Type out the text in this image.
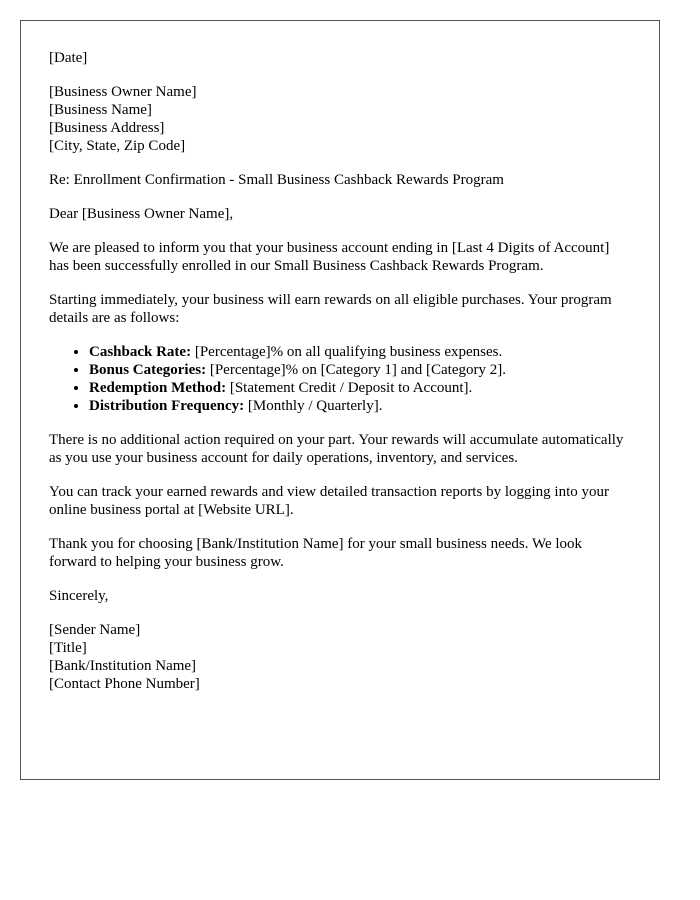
[Date]
[Business Owner Name]
[Business Name]
[Business Address]
[City, State, Zip Code]

Re: Enrollment Confirmation - Small Business Cashback Rewards Program

Dear [Business Owner Name],

We are pleased to inform you that your business account ending in [Last 4 Digits of Account] has been successfully enrolled in our Small Business Cashback Rewards Program.

Starting immediately, your business will earn rewards on all eligible purchases. Your program details are as follows:

• Cashback Rate: [Percentage]% on all qualifying business expenses.
• Bonus Categories: [Percentage]% on [Category 1] and [Category 2].
• Redemption Method: [Statement Credit / Deposit to Account].
• Distribution Frequency: [Monthly / Quarterly].

There is no additional action required on your part. Your rewards will accumulate automatically as you use your business account for daily operations, inventory, and services.

You can track your earned rewards and view detailed transaction reports by logging into your online business portal at [Website URL].

Thank you for choosing [Bank/Institution Name] for your small business needs. We look forward to helping your business grow.

Sincerely,

[Sender Name]
[Title]
[Bank/Institution Name]
[Contact Phone Number]
